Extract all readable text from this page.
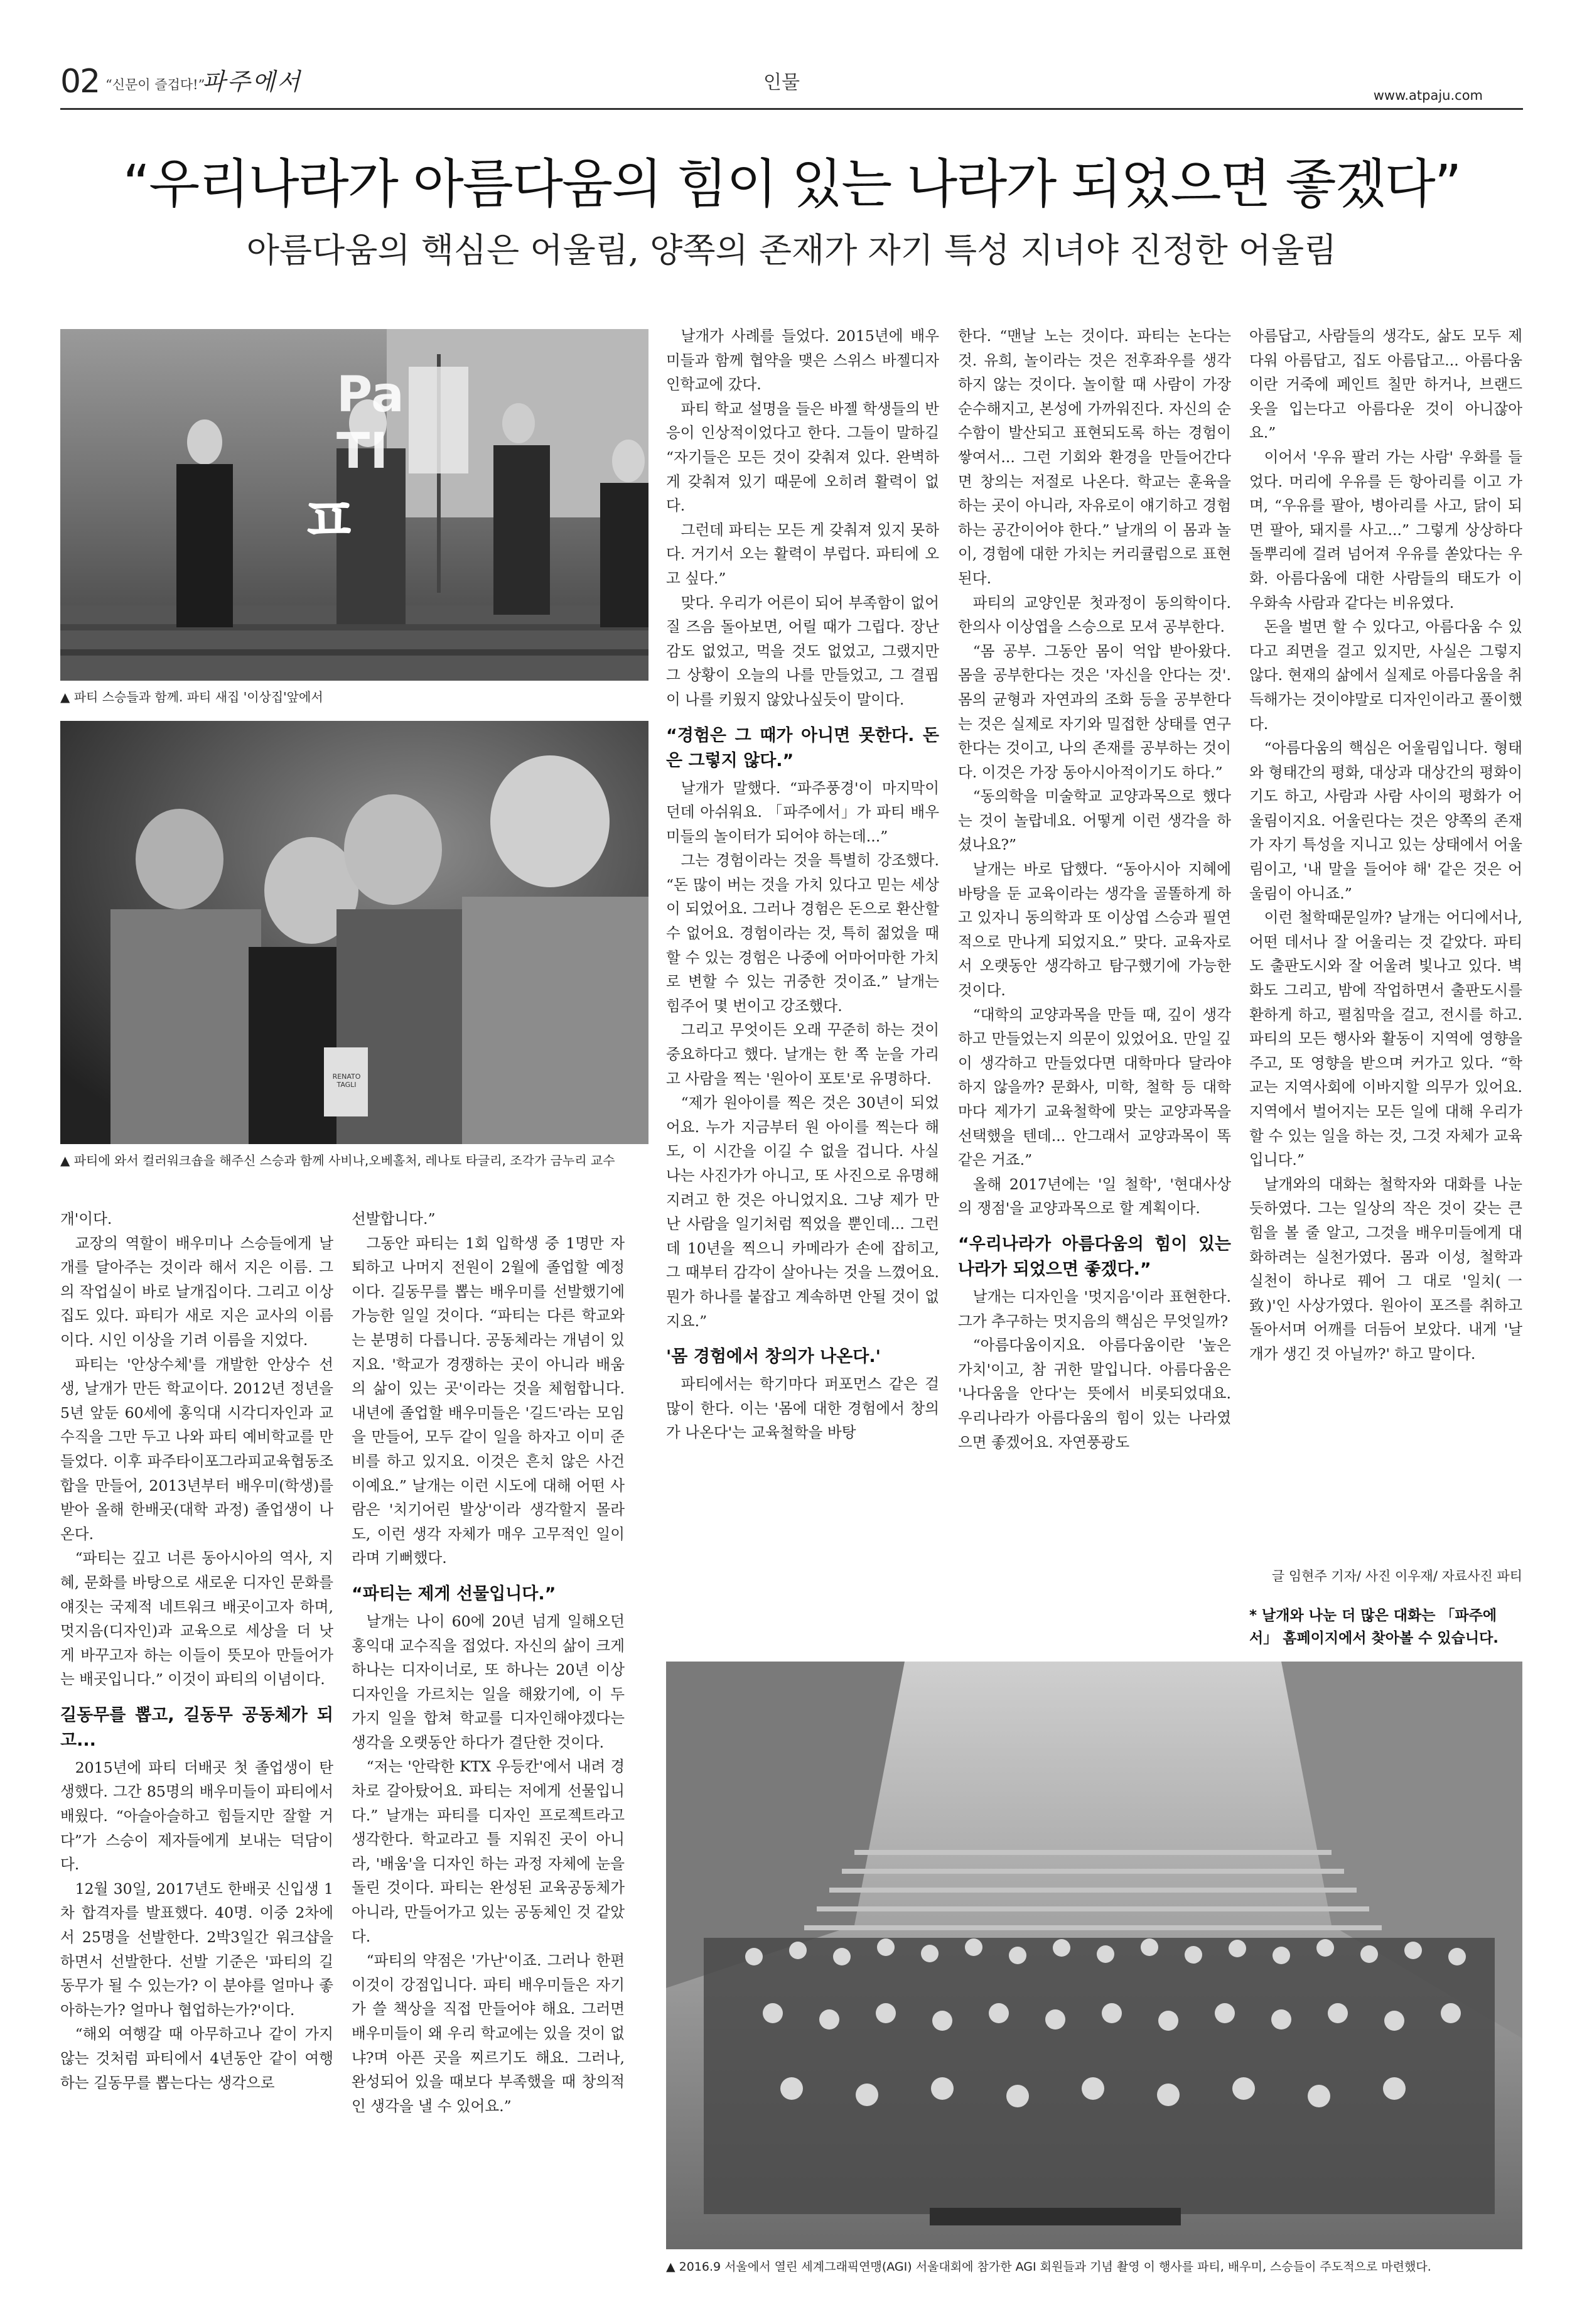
02 “신문이 즐겁다!”
파주에서	인물
www.atpaju.com
“우리나라가 아름다움의 힘이 있는 나라가 되었으면 좋겠다”
아름다움의 핵심은 어울림, 양쪽의 존재가 자기 특성 지녀야 진정한 어울림
Pa TI
ㅍ
▲ 파티 스승들과 함께. 파티 새집 '이상집'앞에서
RENATO TAGLI
▲ 파티에 와서 컬러워크숍을 해주신 스승과 함께 사비나,오베홀처, 레나토 타글리, 조각가 금누리 교수

날개가 사례를 들었다. 2015년에 배우미들과 함께 협약을 맺은 스위스 바젤디자인학교에 갔다.

파티 학교 설명을 들은 바젤 학생들의 반응이 인상적이었다고 한다. 그들이 말하길 “자기들은 모든 것이 갖춰져 있다. 완벽하게 갖춰져 있기 때문에 오히려 활력이 없다.

그런데 파티는 모든 게 갖춰져 있지 못하다. 거기서 오는 활력이 부럽다. 파티에 오고 싶다.”

맞다. 우리가 어른이 되어 부족함이 없어질 즈음 돌아보면, 어릴 때가 그립다. 장난감도 없었고, 먹을 것도 없었고, 그랬지만 그 상황이 오늘의 나를 만들었고, 그 결핍이 나를 키웠지 않았나싶듯이 말이다.

“경험은 그 때가 아니면 못한다. 돈은 그렇지 않다.”

날개가 말했다. “파주풍경'이 마지막이던데 아쉬워요. 「파주에서」가 파티 배우미들의 놀이터가 되어야 하는데...”

그는 경험이라는 것을 특별히 강조했다. “돈 많이 버는 것을 가치 있다고 믿는 세상이 되었어요. 그러나 경험은 돈으로 환산할 수 없어요. 경험이라는 것, 특히 젊었을 때 할 수 있는 경험은 나중에 어마어마한 가치로 변할 수 있는 귀중한 것이죠.” 날개는 힘주어 몇 번이고 강조했다.

그리고 무엇이든 오래 꾸준히 하는 것이 중요하다고 했다. 날개는 한 쪽 눈을 가리고 사람을 찍는 '원아이 포토'로 유명하다.

“제가 원아이를 찍은 것은 30년이 되었어요. 누가 지금부터 원 아이를 찍는다 해도, 이 시간을 이길 수 없을 겁니다. 사실 나는 사진가가 아니고, 또 사진으로 유명해지려고 한 것은 아니었지요. 그냥 제가 만난 사람을 일기처럼 찍었을 뿐인데... 그런데 10년을 찍으니 카메라가 손에 잡히고, 그 때부터 감각이 살아나는 것을 느꼈어요. 뭔가 하나를 붙잡고 계속하면 안될 것이 없지요.”

'몸 경험에서 창의가 나온다.'

파티에서는 학기마다 퍼포먼스 같은 걸 많이 한다. 이는 '몸에 대한 경험에서 창의가 나온다'는 교육철학을 바탕

한다. “맨날 노는 것이다. 파티는 논다는 것. 유희, 놀이라는 것은 전후좌우를 생각하지 않는 것이다. 놀이할 때 사람이 가장 순수해지고, 본성에 가까워진다. 자신의 순수함이 발산되고 표현되도록 하는 경험이 쌓여서... 그런 기회와 환경을 만들어간다면 창의는 저절로 나온다. 학교는 훈육을 하는 곳이 아니라, 자유로이 얘기하고 경험하는 공간이어야 한다.” 날개의 이 몸과 놀이, 경험에 대한 가치는 커리큘럼으로 표현된다.

파티의 교양인문 첫과정이 동의학이다. 한의사 이상엽을 스승으로 모셔 공부한다.

“몸 공부. 그동안 몸이 억압 받아왔다. 몸을 공부한다는 것은 '자신을 안다는 것'. 몸의 균형과 자연과의 조화 등을 공부한다는 것은 실제로 자기와 밀접한 상태를 연구한다는 것이고, 나의 존재를 공부하는 것이다. 이것은 가장 동아시아적이기도 하다.”

“동의학을 미술학교 교양과목으로 했다는 것이 놀랍네요. 어떻게 이런 생각을 하셨나요?”

날개는 바로 답했다. “동아시아 지혜에 바탕을 둔 교육이라는 생각을 골똘하게 하고 있자니 동의학과 또 이상엽 스승과 필연적으로 만나게 되었지요.” 맞다. 교육자로서 오랫동안 생각하고 탐구했기에 가능한 것이다.

“대학의 교양과목을 만들 때, 깊이 생각하고 만들었는지 의문이 있었어요. 만일 깊이 생각하고 만들었다면 대학마다 달라야 하지 않을까? 문화사, 미학, 철학 등 대학마다 제가기 교육철학에 맞는 교양과목을 선택했을 텐데... 안그래서 교양과목이 똑같은 거죠.”

올해 2017년에는 '일 철학', '현대사상의 쟁점'을 교양과목으로 할 계획이다.

“우리나라가 아름다움의 힘이 있는 나라가 되었으면 좋겠다.”

날개는 디자인을 '멋지음'이라 표현한다. 그가 추구하는 멋지음의 핵심은 무엇일까?

“아름다움이지요. 아름다움이란 '높은 가치'이고, 참 귀한 말입니다. 아름다움은 '나다움을 안다'는 뜻에서 비롯되었대요. 우리나라가 아름다움의 힘이 있는 나라였으면 좋겠어요. 자연풍광도

아름답고, 사람들의 생각도, 삶도 모두 제다워 아름답고, 집도 아름답고... 아름다움이란 거죽에 페인트 칠만 하거나, 브랜드 옷을 입는다고 아름다운 것이 아니잖아요.”

이어서 '우유 팔러 가는 사람' 우화를 들었다. 머리에 우유를 든 항아리를 이고 가며, “우유를 팔아, 병아리를 사고, 닭이 되면 팔아, 돼지를 사고...” 그렇게 상상하다 돌뿌리에 걸려 넘어져 우유를 쏟았다는 우화. 아름다움에 대한 사람들의 태도가 이 우화속 사람과 같다는 비유였다.

돈을 벌면 할 수 있다고, 아름다움 수 있다고 죄면을 걸고 있지만, 사실은 그렇지 않다. 현재의 삶에서 실제로 아름다움을 취득해가는 것이야말로 디자인이라고 풀이했다.

“아름다움의 핵심은 어울림입니다. 형태와 형태간의 평화, 대상과 대상간의 평화이기도 하고, 사람과 사람 사이의 평화가 어울림이지요. 어울린다는 것은 양쪽의 존재가 자기 특성을 지니고 있는 상태에서 어울림이고, '내 말을 들어야 해' 같은 것은 어울림이 아니죠.”

이런 철학때문일까? 날개는 어디에서나, 어떤 데서나 잘 어울리는 것 같았다. 파티도 출판도시와 잘 어울려 빛나고 있다. 벽화도 그리고, 밤에 작업하면서 출판도시를 환하게 하고, 펼침막을 걸고, 전시를 하고. 파티의 모든 행사와 활동이 지역에 영향을 주고, 또 영향을 받으며 커가고 있다. “학교는 지역사회에 이바지할 의무가 있어요. 지역에서 벌어지는 모든 일에 대해 우리가 할 수 있는 일을 하는 것, 그것 자체가 교육입니다.”

날개와의 대화는 철학자와 대화를 나눈듯하였다. 그는 일상의 작은 것이 갖는 큰 힘을 볼 줄 알고, 그것을 배우미들에게 대화하려는 실천가였다. 몸과 이성, 철학과 실천이 하나로 꿰어 그 대로 '일치(一致)'인 사상가였다. 원아이 포즈를 취하고 돌아서며 어깨를 더듬어 보았다. 내게 '날개가 생긴 것 아닐까?' 하고 말이다.

글 임현주 기자/ 사진 이우재/ 자료사진 파티
* 날개와 나눈 더 많은 대화는 「파주에서」 홈페이지에서 찾아볼 수 있습니다.

개'이다.

교장의 역할이 배우미나 스승들에게 날개를 달아주는 것이라 해서 지은 이름. 그의 작업실이 바로 날개집이다. 그리고 이상집도 있다. 파티가 새로 지은 교사의 이름이다. 시인 이상을 기려 이름을 지었다.

파티는 '안상수체'를 개발한 안상수 선생, 날개가 만든 학교이다. 2012년 정년을 5년 앞둔 60세에 홍익대 시각디자인과 교수직을 그만 두고 나와 파티 예비학교를 만들었다. 이후 파주타이포그라피교육협동조합을 만들어, 2013년부터 배우미(학생)를 받아 올해 한배곳(대학 과정) 졸업생이 나온다.

“파티는 깊고 너른 동아시아의 역사, 지혜, 문화를 바탕으로 새로운 디자인 문화를 얘짓는 국제적 네트워크 배곳이고자 하며, 멋지음(디자인)과 교육으로 세상을 더 낫게 바꾸고자 하는 이들이 뜻모아 만들어가는 배곳입니다.” 이것이 파티의 이념이다.

길동무를 뽑고, 길동무 공동체가 되고...

2015년에 파티 더배곳 첫 졸업생이 탄생했다. 그간 85명의 배우미들이 파티에서 배웠다. “아슬아슬하고 힘들지만 잘할 거다”가 스승이 제자들에게 보내는 덕담이다.

12월 30일, 2017년도 한배곳 신입생 1차 합격자를 발표했다. 40명. 이중 2차에서 25명을 선발한다. 2박3일간 워크샵을 하면서 선발한다. 선발 기준은 '파티의 길동무가 될 수 있는가? 이 분야를 얼마나 좋아하는가? 얼마나 협업하는가?'이다.

“해외 여행갈 때 아무하고나 같이 가지 않는 것처럼 파티에서 4년동안 같이 여행하는 길동무를 뽑는다는 생각으로

선발합니다.”

그동안 파티는 1회 입학생 중 1명만 자퇴하고 나머지 전원이 2월에 졸업할 예정이다. 길동무를 뽑는 배우미를 선발했기에 가능한 일일 것이다. “파티는 다른 학교와는 분명히 다릅니다. 공동체라는 개념이 있지요. '학교가 경쟁하는 곳이 아니라 배움의 삶이 있는 곳'이라는 것을 체험합니다. 내년에 졸업할 배우미들은 '길드'라는 모임을 만들어, 모두 같이 일을 하자고 이미 준비를 하고 있지요. 이것은 흔치 않은 사건이예요.” 날개는 이런 시도에 대해 어떤 사람은 '치기어린 발상'이라 생각할지 몰라도, 이런 생각 자체가 매우 고무적인 일이라며 기뻐했다.

“파티는 제게 선물입니다.”

날개는 나이 60에 20년 넘게 일해오던 홍익대 교수직을 접었다. 자신의 삶이 크게 하나는 디자이너로, 또 하나는 20년 이상 디자인을 가르치는 일을 해왔기에, 이 두 가지 일을 합쳐 학교를 디자인해야겠다는 생각을 오랫동안 하다가 결단한 것이다.

“저는 '안락한 KTX 우등칸'에서 내려 경차로 갈아탔어요. 파티는 저에게 선물입니다.” 날개는 파티를 디자인 프로젝트라고 생각한다. 학교라고 틀 지워진 곳이 아니라, '배움'을 디자인 하는 과정 자체에 눈을 돌린 것이다. 파티는 완성된 교육공동체가 아니라, 만들어가고 있는 공동체인 것 같았다.

“파티의 약점은 '가난'이죠. 그러나 한편 이것이 강점입니다. 파티 배우미들은 자기가 쓸 책상을 직접 만들어야 해요. 그러면 배우미들이 왜 우리 학교에는 있을 것이 없냐?며 아픈 곳을 찌르기도 해요. 그러나, 완성되어 있을 때보다 부족했을 때 창의적인 생각을 낼 수 있어요.”

▲ 2016.9 서울에서 열린 세계그래픽연맹(AGI) 서울대회에 참가한 AGI 회원들과 기념 촬영 이 행사를 파티, 배우미, 스승들이 주도적으로 마련했다.
